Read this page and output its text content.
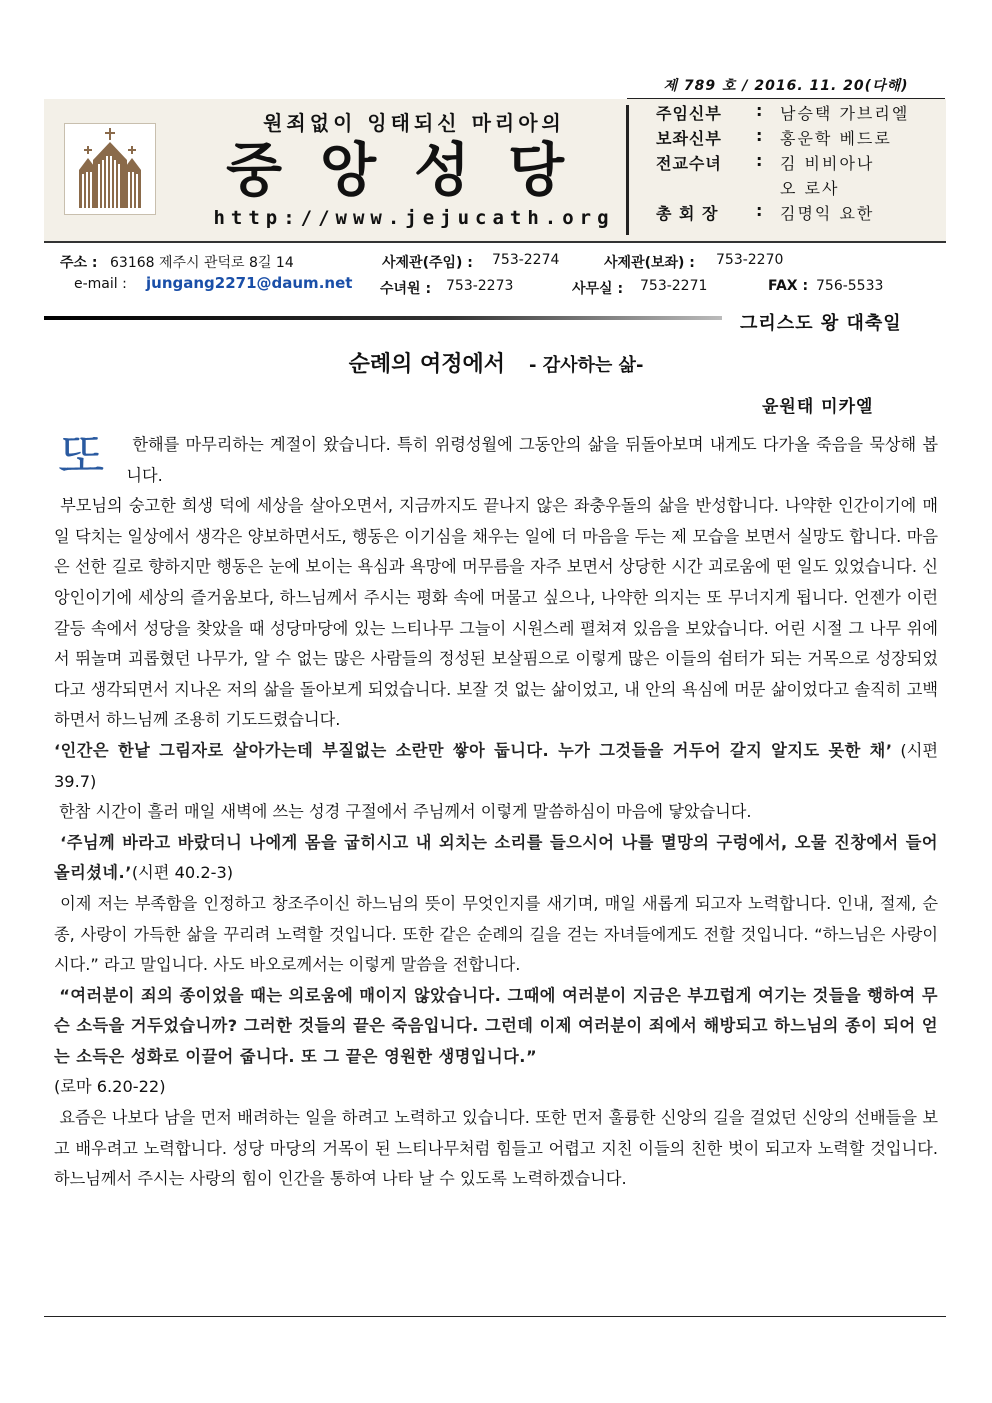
제 789 호 / 2016. 11. 20(다해)
원죄없이 잉태되신 마리아의
중앙성당
http://www.jejucath.org
주임신부	: 남승택 가브리엘
보좌신부	: 홍운학 베드로
전교수녀	: 김 비비아나
오 로사
총 회 장	: 김명익 요한
주소 : 63168 제주시 관덕로 8길 14	사제관(주임) : 753-2274	사제관(보좌) : 753-2270
e-mail : jungang2271@daum.net 수녀원 : 753-2273	사무실 : 753-2271	FAX : 756-5533
그리스도 왕 대축일
순례의 여정에서 - 감사하는 삶-
윤원태 미카엘

또 한해를 마무리하는 계절이 왔습니다. 특히 위령성월에 그동안의 삶을 뒤돌아보며 내게도 다가올 죽음을 묵상해 봅니다.

부모님의 숭고한 희생 덕에 세상을 살아오면서, 지금까지도 끝나지 않은 좌충우돌의 삶을 반성합니다. 나약한 인간이기에 매일 닥치는 일상에서 생각은 양보하면서도, 행동은 이기심을 채우는 일에 더 마음을 두는 제 모습을 보면서 실망도 합니다. 마음은 선한 길로 향하지만 행동은 눈에 보이는 욕심과 욕망에 머무름을 자주 보면서 상당한 시간 괴로움에 떤 일도 있었습니다. 신앙인이기에 세상의 즐거움보다, 하느님께서 주시는 평화 속에 머물고 싶으나, 나약한 의지는 또 무너지게 됩니다. 언젠가 이런 갈등 속에서 성당을 찾았을 때 성당마당에 있는 느티나무 그늘이 시원스레 펼쳐져 있음을 보았습니다. 어린 시절 그 나무 위에서 뛰놀며 괴롭혔던 나무가, 알 수 없는 많은 사람들의 정성된 보살핌으로 이렇게 많은 이들의 쉼터가 되는 거목으로 성장되었다고 생각되면서 지나온 저의 삶을 돌아보게 되었습니다. 보잘 것 없는 삶이었고, 내 안의 욕심에 머문 삶이었다고 솔직히 고백하면서 하느님께 조용히 기도드렸습니다.

‘인간은 한낱 그림자로 살아가는데 부질없는 소란만 쌓아 둡니다. 누가 그것들을 거두어 갈지 알지도 못한 채’ (시편 39.7)

한참 시간이 흘러 매일 새벽에 쓰는 성경 구절에서 주님께서 이렇게 말씀하심이 마음에 닿았습니다.

‘주님께 바라고 바랐더니 나에게 몸을 굽히시고 내 외치는 소리를 들으시어 나를 멸망의 구렁에서, 오물 진창에서 들어 올리셨네.’(시편 40.2-3)

이제 저는 부족함을 인정하고 창조주이신 하느님의 뜻이 무엇인지를 새기며, 매일 새롭게 되고자 노력합니다. 인내, 절제, 순종, 사랑이 가득한 삶을 꾸리려 노력할 것입니다. 또한 같은 순례의 길을 걷는 자녀들에게도 전할 것입니다. “하느님은 사랑이시다.” 라고 말입니다. 사도 바오로께서는 이렇게 말씀을 전합니다.

“여러분이 죄의 종이었을 때는 의로움에 매이지 않았습니다. 그때에 여러분이 지금은 부끄럽게 여기는 것들을 행하여 무슨 소득을 거두었습니까? 그러한 것들의 끝은 죽음입니다. 그런데 이제 여러분이 죄에서 해방되고 하느님의 종이 되어 얻는 소득은 성화로 이끌어 줍니다. 또 그 끝은 영원한 생명입니다.”
(로마 6.20-22)

요즘은 나보다 남을 먼저 배려하는 일을 하려고 노력하고 있습니다. 또한 먼저 훌륭한 신앙의 길을 걸었던 신앙의 선배들을 보고 배우려고 노력합니다. 성당 마당의 거목이 된 느티나무처럼 힘들고 어렵고 지친 이들의 친한 벗이 되고자 노력할 것입니다. 하느님께서 주시는 사랑의 힘이 인간을 통하여 나타 날 수 있도록 노력하겠습니다.
